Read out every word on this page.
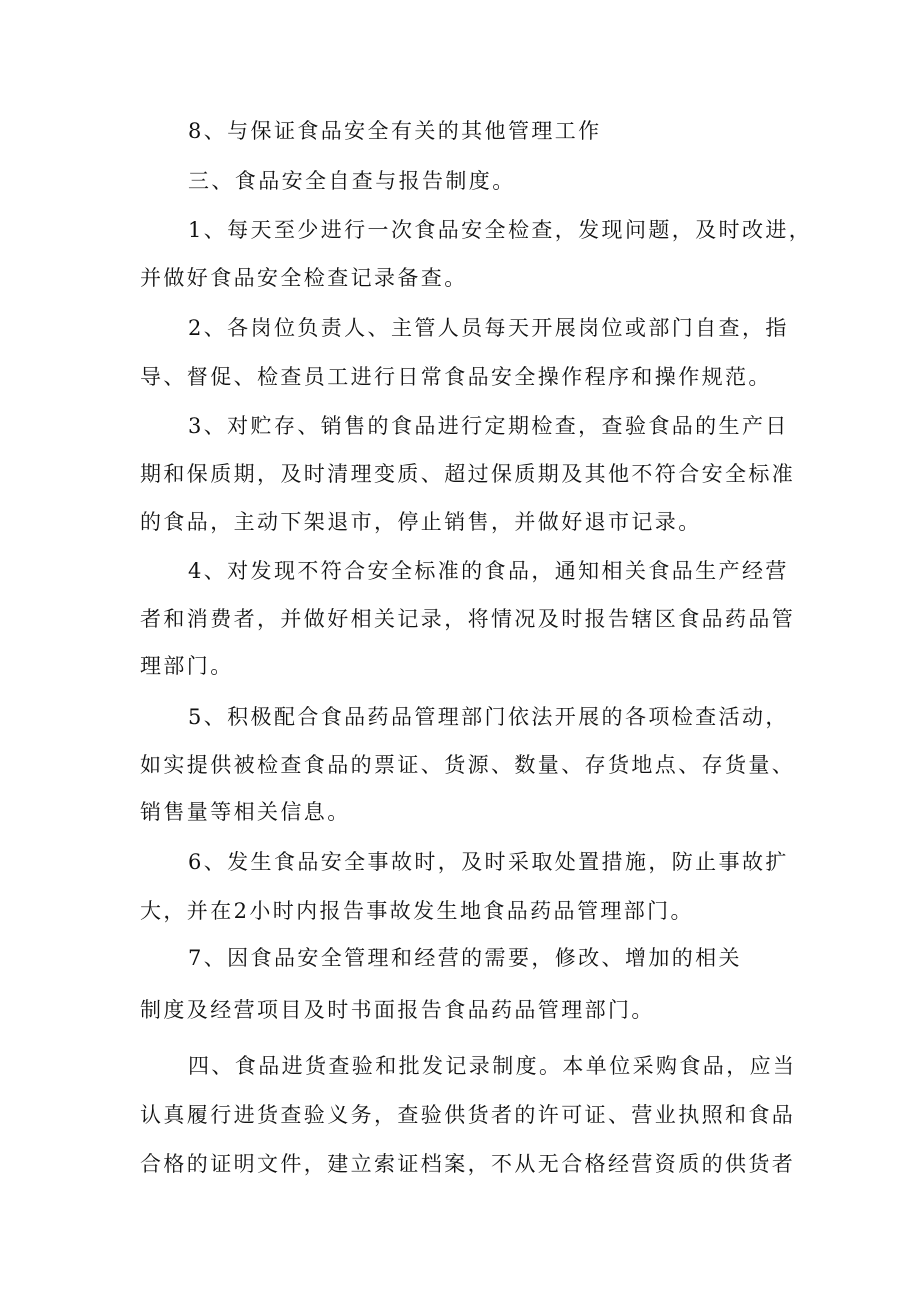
8、与保证食品安全有关的其他管理工作
三、食品安全自查与报告制度。
1、每天至少进行一次食品安全检查，发现问题，及时改进，
并做好食品安全检查记录备查。
2、各岗位负责人、主管人员每天开展岗位或部门自查，指
导、督促、检查员工进行日常食品安全操作程序和操作规范。
3、对贮存、销售的食品进行定期检查，查验食品的生产日
期和保质期，及时清理变质、超过保质期及其他不符合安全标准
的食品，主动下架退市，停止销售，并做好退市记录。
4、对发现不符合安全标准的食品，通知相关食品生产经营
者和消费者，并做好相关记录，将情况及时报告辖区食品药品管
理部门。
5、积极配合食品药品管理部门依法开展的各项检查活动，
如实提供被检查食品的票证、货源、数量、存货地点、存货量、
销售量等相关信息。
6、发生食品安全事故时，及时采取处置措施，防止事故扩
大，并在2小时内报告事故发生地食品药品管理部门。
7、因食品安全管理和经营的需要，修改、增加的相关
制度及经营项目及时书面报告食品药品管理部门。
四、食品进货查验和批发记录制度。本单位采购食品，应当
认真履行进货查验义务，查验供货者的许可证、营业执照和食品
合格的证明文件，建立索证档案，不从无合格经营资质的供货者
